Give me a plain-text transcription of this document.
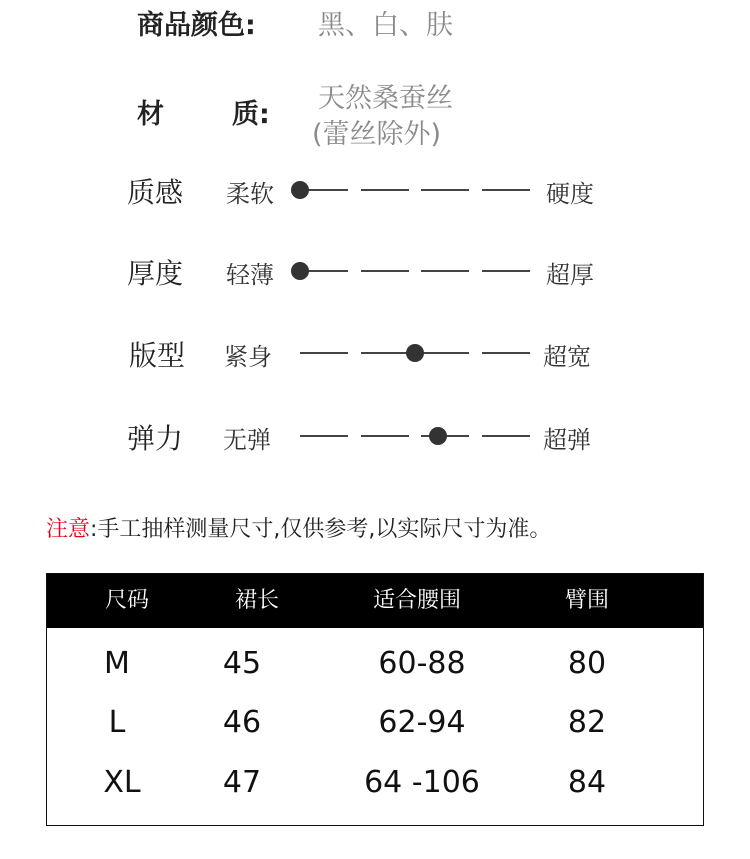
商品颜色: 黑、白、肤
材	质:
天然桑蚕丝
(蕾丝除外)
质感 柔软	硬度
厚度 轻薄	超厚
版型 紧身	超宽
弹力 无弹	超弹
注意:手工抽样测量尺寸,仅供参考,以实际尺寸为准。
尺码	裙长	适合腰围	臂围
M	45	60-88	80
L	46	62-94	82
XL	47	64 -106	84
